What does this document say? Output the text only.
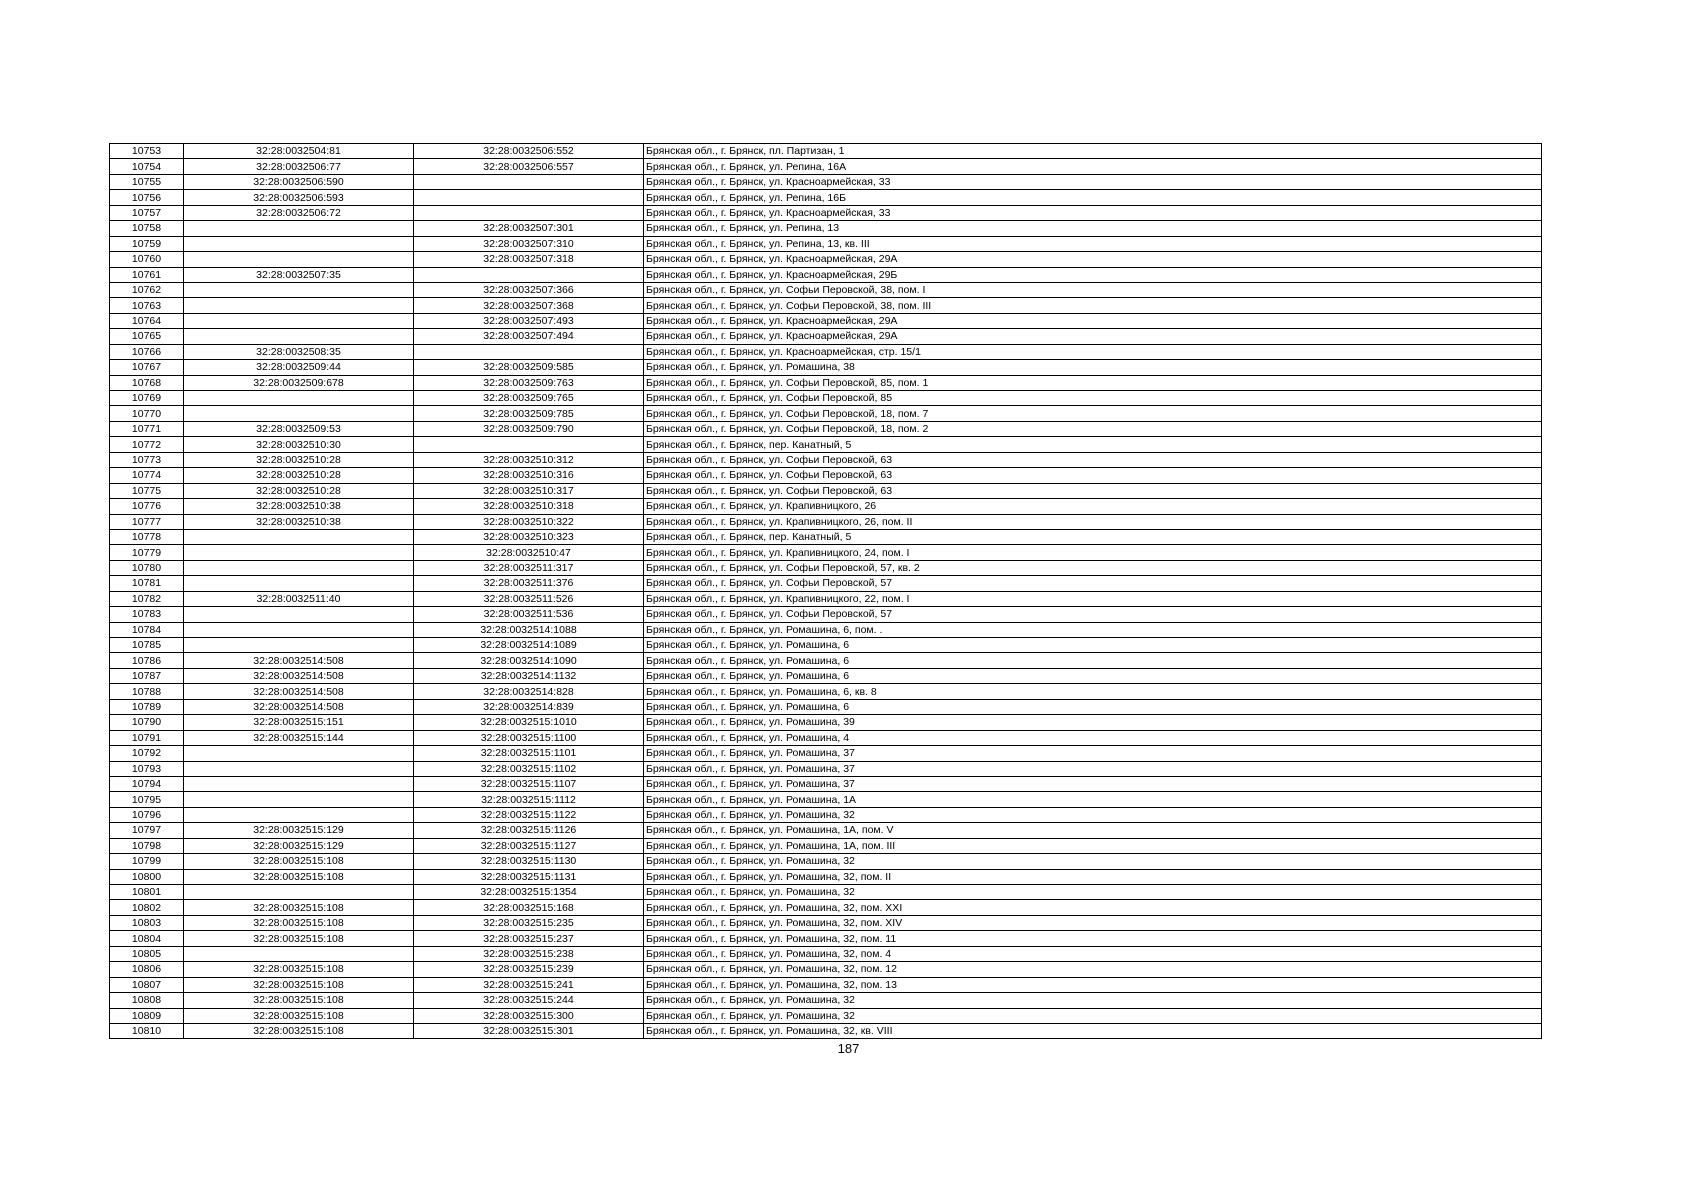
10753	32:28:0032504:81	32:28:0032506:552	Брянская обл., г. Брянск, пл. Партизан, 1
10754	32:28:0032506:77	32:28:0032506:557	Брянская обл., г. Брянск, ул. Репина, 16А
10755	32:28:0032506:590		Брянская обл., г. Брянск, ул. Красноармейская, 33
10756	32:28:0032506:593		Брянская обл., г. Брянск, ул. Репина, 16Б
10757	32:28:0032506:72		Брянская обл., г. Брянск, ул. Красноармейская, 33
10758		32:28:0032507:301	Брянская обл., г. Брянск, ул. Репина, 13
10759		32:28:0032507:310	Брянская обл., г. Брянск, ул. Репина, 13, кв. III
10760		32:28:0032507:318	Брянская обл., г. Брянск, ул. Красноармейская, 29А
10761	32:28:0032507:35		Брянская обл., г. Брянск, ул. Красноармейская, 29Б
10762		32:28:0032507:366	Брянская обл., г. Брянск, ул. Софьи Перовской, 38, пом. I
10763		32:28:0032507:368	Брянская обл., г. Брянск, ул. Софьи Перовской, 38, пом. III
10764		32:28:0032507:493	Брянская обл., г. Брянск, ул. Красноармейская, 29А
10765		32:28:0032507:494	Брянская обл., г. Брянск, ул. Красноармейская, 29А
10766	32:28:0032508:35		Брянская обл., г. Брянск, ул. Красноармейская, стр. 15/1
10767	32:28:0032509:44	32:28:0032509:585	Брянская обл., г. Брянск, ул. Ромашина, 38
10768	32:28:0032509:678	32:28:0032509:763	Брянская обл., г. Брянск, ул. Софьи Перовской, 85, пом. 1
10769		32:28:0032509:765	Брянская обл., г. Брянск, ул. Софьи Перовской, 85
10770		32:28:0032509:785	Брянская обл., г. Брянск, ул. Софьи Перовской, 18, пом. 7
10771	32:28:0032509:53	32:28:0032509:790	Брянская обл., г. Брянск, ул. Софьи Перовской, 18, пом. 2
10772	32:28:0032510:30		Брянская обл., г. Брянск, пер. Канатный, 5
10773	32:28:0032510:28	32:28:0032510:312	Брянская обл., г. Брянск, ул. Софьи Перовской, 63
10774	32:28:0032510:28	32:28:0032510:316	Брянская обл., г. Брянск, ул. Софьи Перовской, 63
10775	32:28:0032510:28	32:28:0032510:317	Брянская обл., г. Брянск, ул. Софьи Перовской, 63
10776	32:28:0032510:38	32:28:0032510:318	Брянская обл., г. Брянск, ул. Крапивницкого, 26
10777	32:28:0032510:38	32:28:0032510:322	Брянская обл., г. Брянск, ул. Крапивницкого, 26, пом. II
10778		32:28:0032510:323	Брянская обл., г. Брянск, пер. Канатный, 5
10779		32:28:0032510:47	Брянская обл., г. Брянск, ул. Крапивницкого, 24, пом. I
10780		32:28:0032511:317	Брянская обл., г. Брянск, ул. Софьи Перовской, 57, кв. 2
10781		32:28:0032511:376	Брянская обл., г. Брянск, ул. Софьи Перовской, 57
10782	32:28:0032511:40	32:28:0032511:526	Брянская обл., г. Брянск, ул. Крапивницкого, 22, пом. I
10783		32:28:0032511:536	Брянская обл., г. Брянск, ул. Софьи Перовской, 57
10784		32:28:0032514:1088	Брянская обл., г. Брянск, ул. Ромашина, 6, пом. .
10785		32:28:0032514:1089	Брянская обл., г. Брянск, ул. Ромашина, 6
10786	32:28:0032514:508	32:28:0032514:1090	Брянская обл., г. Брянск, ул. Ромашина, 6
10787	32:28:0032514:508	32:28:0032514:1132	Брянская обл., г. Брянск, ул. Ромашина, 6
10788	32:28:0032514:508	32:28:0032514:828	Брянская обл., г. Брянск, ул. Ромашина, 6, кв. 8
10789	32:28:0032514:508	32:28:0032514:839	Брянская обл., г. Брянск, ул. Ромашина, 6
10790	32:28:0032515:151	32:28:0032515:1010	Брянская обл., г. Брянск, ул. Ромашина, 39
10791	32:28:0032515:144	32:28:0032515:1100	Брянская обл., г. Брянск, ул. Ромашина, 4
10792		32:28:0032515:1101	Брянская обл., г. Брянск, ул. Ромашина, 37
10793		32:28:0032515:1102	Брянская обл., г. Брянск, ул. Ромашина, 37
10794		32:28:0032515:1107	Брянская обл., г. Брянск, ул. Ромашина, 37
10795		32:28:0032515:1112	Брянская обл., г. Брянск, ул. Ромашина, 1А
10796		32:28:0032515:1122	Брянская обл., г. Брянск, ул. Ромашина, 32
10797	32:28:0032515:129	32:28:0032515:1126	Брянская обл., г. Брянск, ул. Ромашина, 1А, пом. V
10798	32:28:0032515:129	32:28:0032515:1127	Брянская обл., г. Брянск, ул. Ромашина, 1А, пом. III
10799	32:28:0032515:108	32:28:0032515:1130	Брянская обл., г. Брянск, ул. Ромашина, 32
10800	32:28:0032515:108	32:28:0032515:1131	Брянская обл., г. Брянск, ул. Ромашина, 32, пом. II
10801		32:28:0032515:1354	Брянская обл., г. Брянск, ул. Ромашина, 32
10802	32:28:0032515:108	32:28:0032515:168	Брянская обл., г. Брянск, ул. Ромашина, 32, пом. XXI
10803	32:28:0032515:108	32:28:0032515:235	Брянская обл., г. Брянск, ул. Ромашина, 32, пом. XIV
10804	32:28:0032515:108	32:28:0032515:237	Брянская обл., г. Брянск, ул. Ромашина, 32, пом. 11
10805		32:28:0032515:238	Брянская обл., г. Брянск, ул. Ромашина, 32, пом. 4
10806	32:28:0032515:108	32:28:0032515:239	Брянская обл., г. Брянск, ул. Ромашина, 32, пом. 12
10807	32:28:0032515:108	32:28:0032515:241	Брянская обл., г. Брянск, ул. Ромашина, 32, пом. 13
10808	32:28:0032515:108	32:28:0032515:244	Брянская обл., г. Брянск, ул. Ромашина, 32
10809	32:28:0032515:108	32:28:0032515:300	Брянская обл., г. Брянск, ул. Ромашина, 32
10810	32:28:0032515:108	32:28:0032515:301	Брянская обл., г. Брянск, ул. Ромашина, 32, кв. VIII
187
